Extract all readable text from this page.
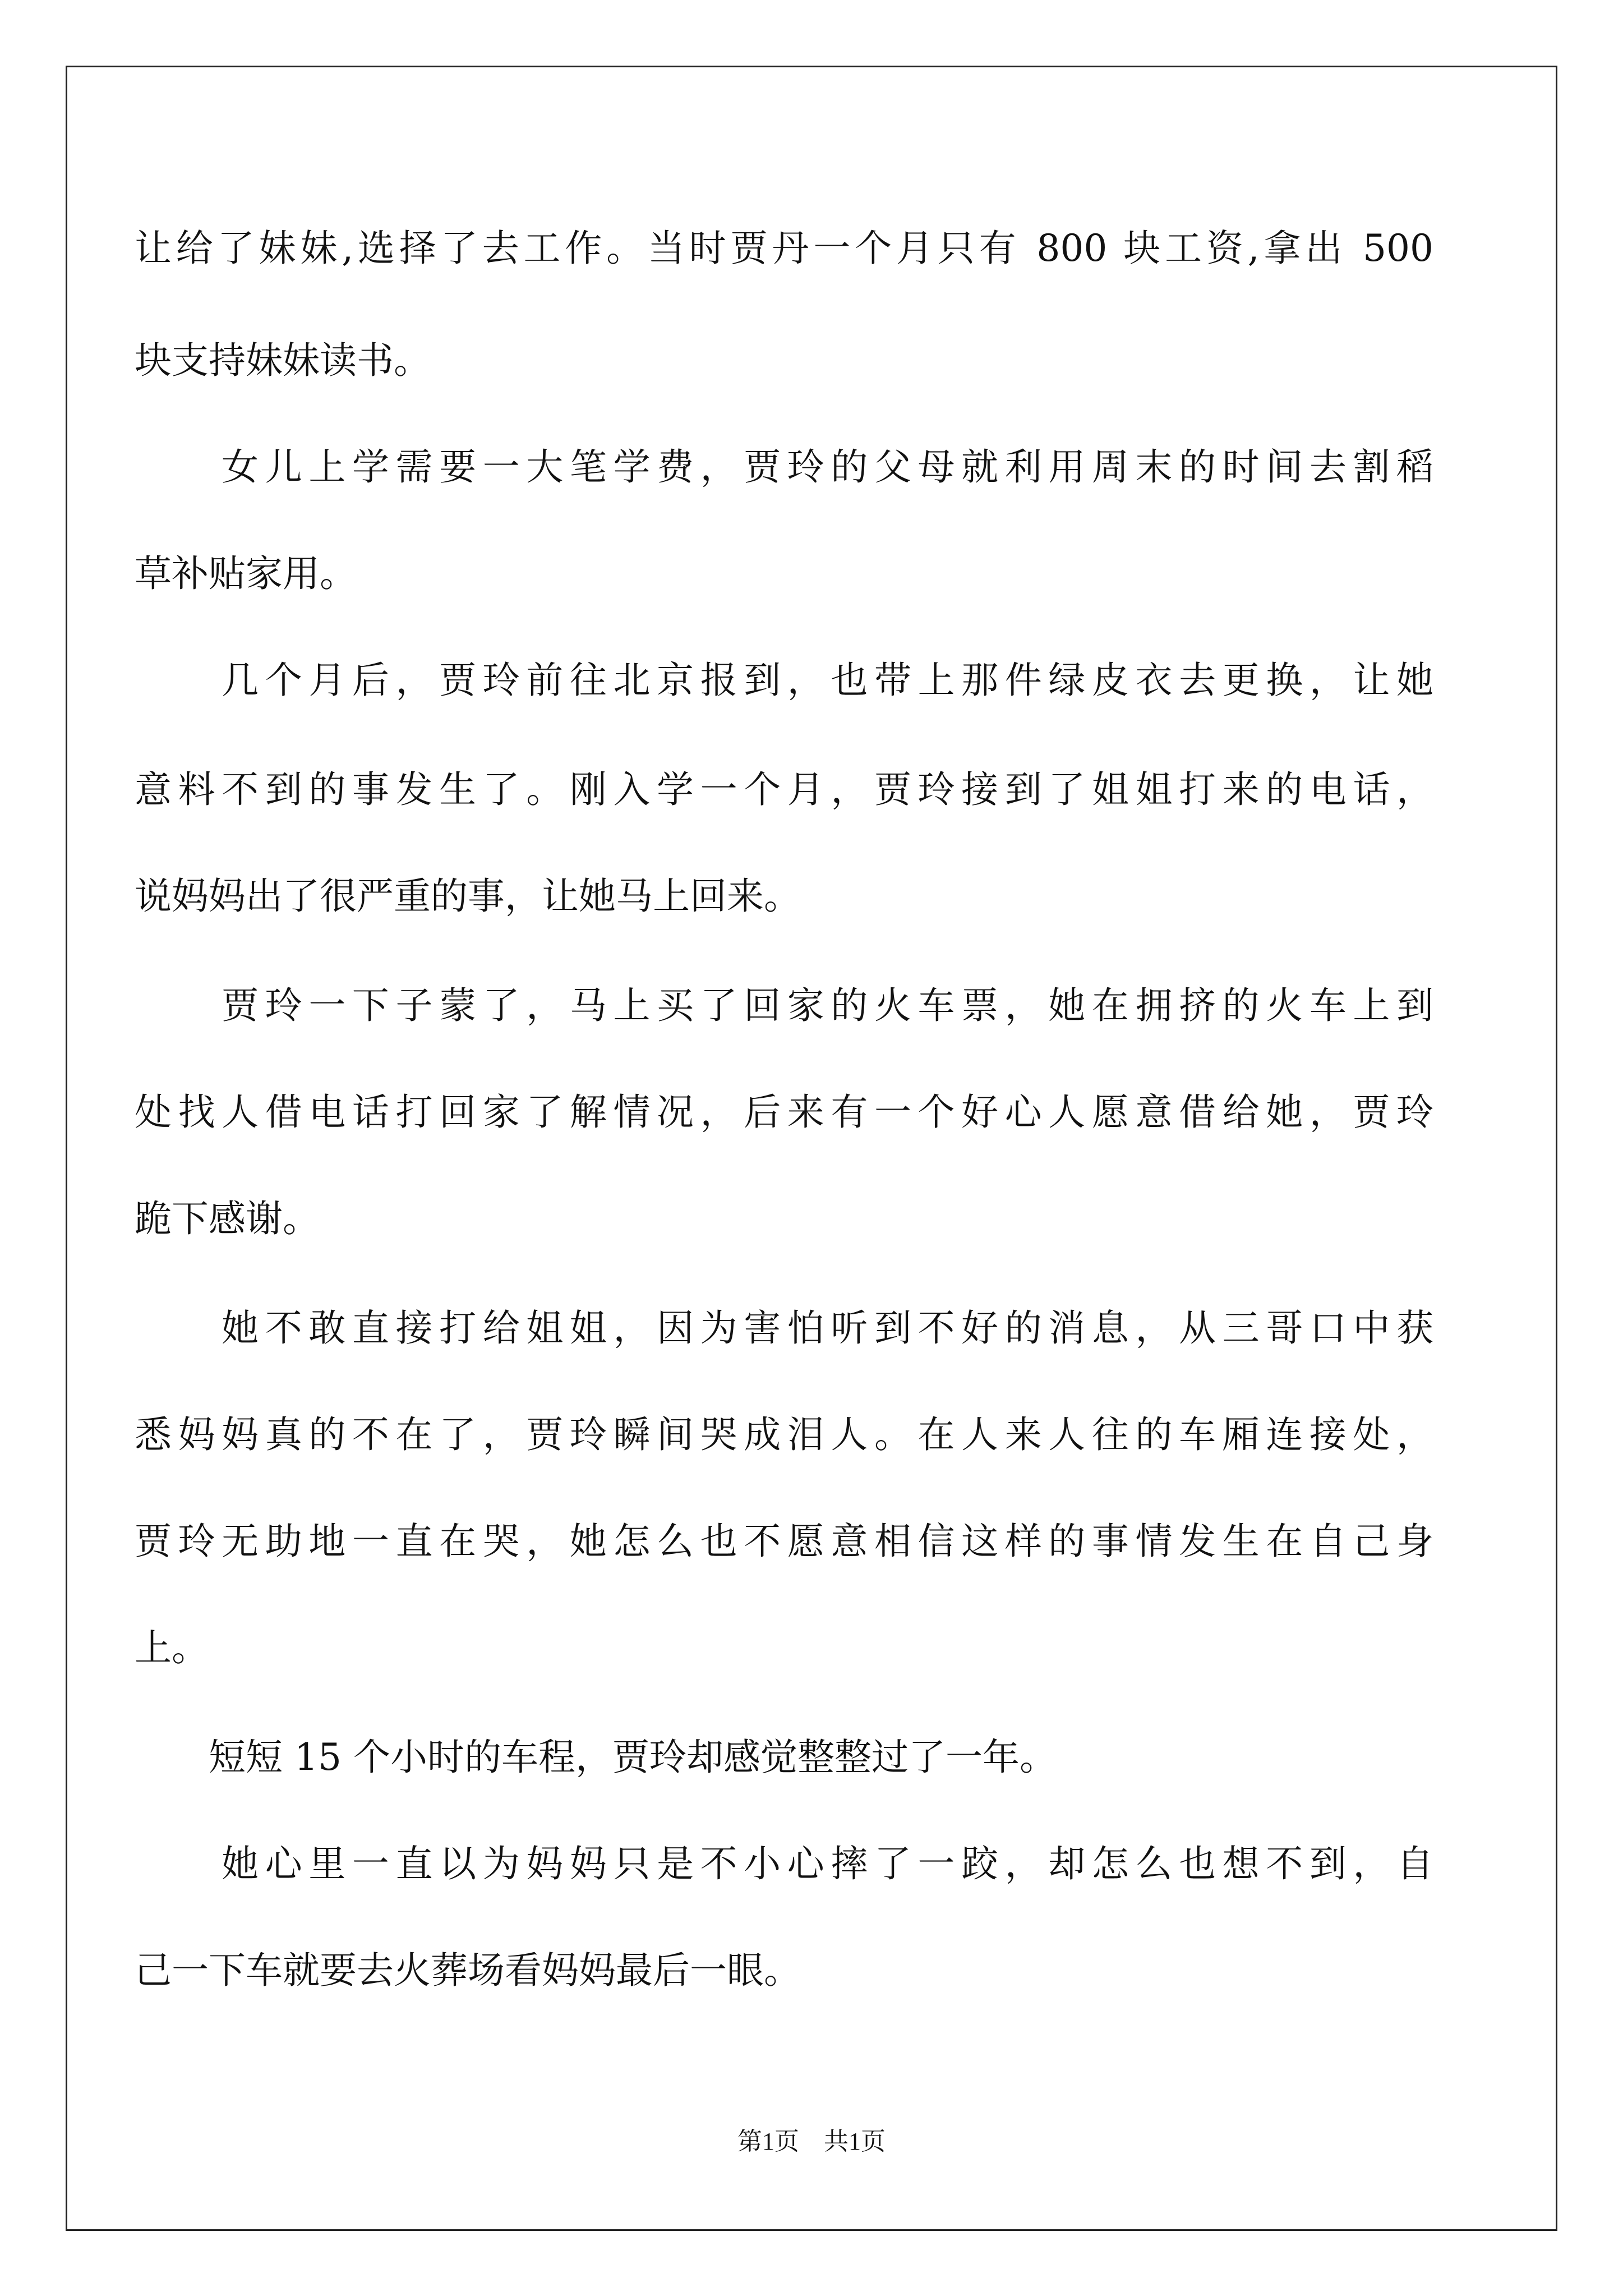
让给了妹妹,选择了去工作。当时贾丹一个月只有 800 块工资,拿出 500
块支持妹妹读书。
　　女儿上学需要一大笔学费，贾玲的父母就利用周末的时间去割稻
草补贴家用。
　　几个月后，贾玲前往北京报到，也带上那件绿皮衣去更换，让她
意料不到的事发生了。刚入学一个月，贾玲接到了姐姐打来的电话，
说妈妈出了很严重的事，让她马上回来。
　　贾玲一下子蒙了，马上买了回家的火车票，她在拥挤的火车上到
处找人借电话打回家了解情况，后来有一个好心人愿意借给她，贾玲
跪下感谢。
　　她不敢直接打给姐姐，因为害怕听到不好的消息，从三哥口中获
悉妈妈真的不在了，贾玲瞬间哭成泪人。在人来人往的车厢连接处，
贾玲无助地一直在哭，她怎么也不愿意相信这样的事情发生在自己身
上。
　　短短 15 个小时的车程，贾玲却感觉整整过了一年。
　　她心里一直以为妈妈只是不小心摔了一跤，却怎么也想不到，自
己一下车就要去火葬场看妈妈最后一眼。
第1页　共1页
